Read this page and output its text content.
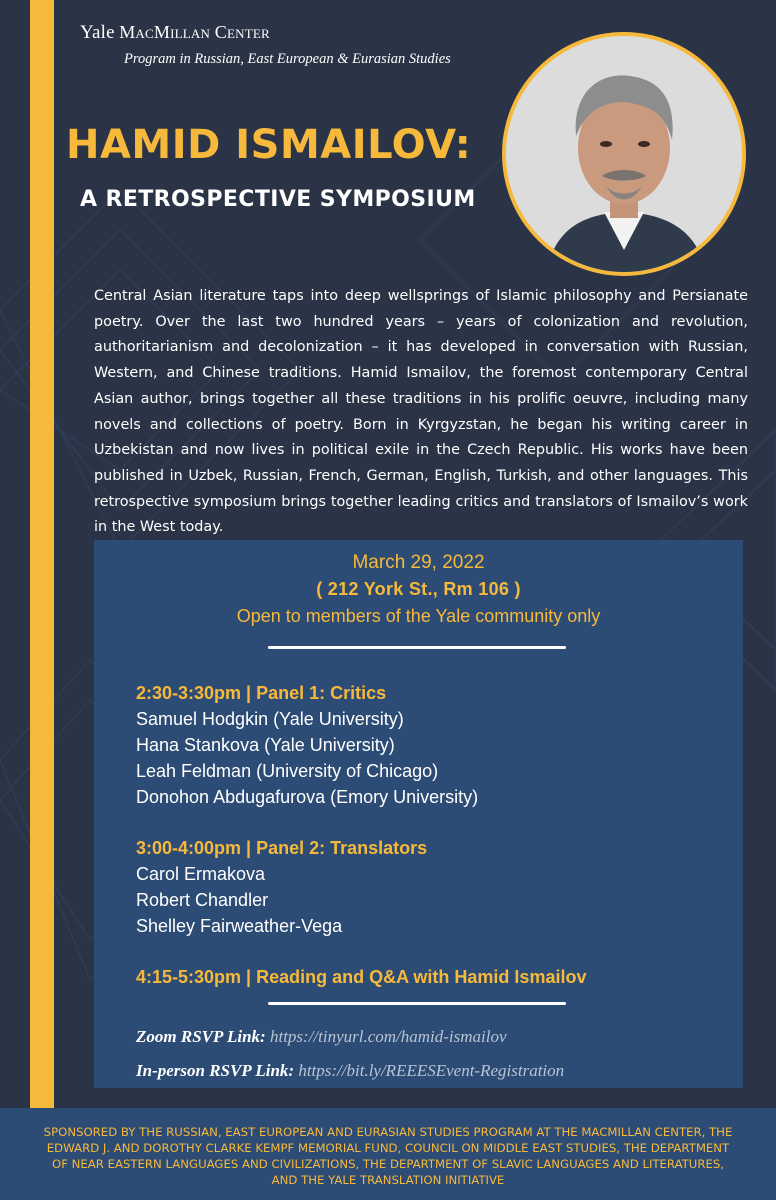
Yale MacMillan Center
Program in Russian, East European & Eurasian Studies
HAMID ISMAILOV:
A RETROSPECTIVE SYMPOSIUM
Central Asian literature taps into deep wellsprings of Islamic philosophy and Persianate poetry. Over the last two hundred years – years of colonization and revolution, authoritarianism and decolonization – it has developed in conversation with Russian, Western, and Chinese traditions. Hamid Ismailov, the foremost contemporary Central Asian author, brings together all these traditions in his prolific oeuvre, including many novels and collections of poetry. Born in Kyrgyzstan, he began his writing career in Uzbekistan and now lives in political exile in the Czech Republic. His works have been published in Uzbek, Russian, French, German, English, Turkish, and other languages. This retrospective symposium brings together leading critics and translators of Ismailov’s work in the West today.
March 29, 2022
( 212 York St., Rm 106 )
Open to members of the Yale community only
2:30-3:30pm | Panel 1: Critics
Samuel Hodgkin (Yale University)
Hana Stankova (Yale University)
Leah Feldman (University of Chicago)
Donohon Abdugafurova (Emory University)
3:00-4:00pm | Panel 2: Translators
Carol Ermakova
Robert Chandler
Shelley Fairweather-Vega
4:15-5:30pm | Reading and Q&A with Hamid Ismailov
Zoom RSVP Link: https://tinyurl.com/hamid-ismailov
In-person RSVP Link: https://bit.ly/REEESEvent-Registration
SPONSORED BY THE RUSSIAN, EAST EUROPEAN AND EURASIAN STUDIES PROGRAM AT THE MACMILLAN CENTER, THE EDWARD J. AND DOROTHY CLARKE KEMPF MEMORIAL FUND, COUNCIL ON MIDDLE EAST STUDIES, THE DEPARTMENT OF NEAR EASTERN LANGUAGES AND CIVILIZATIONS, THE DEPARTMENT OF SLAVIC LANGUAGES AND LITERATURES, AND THE YALE TRANSLATION INITIATIVE
